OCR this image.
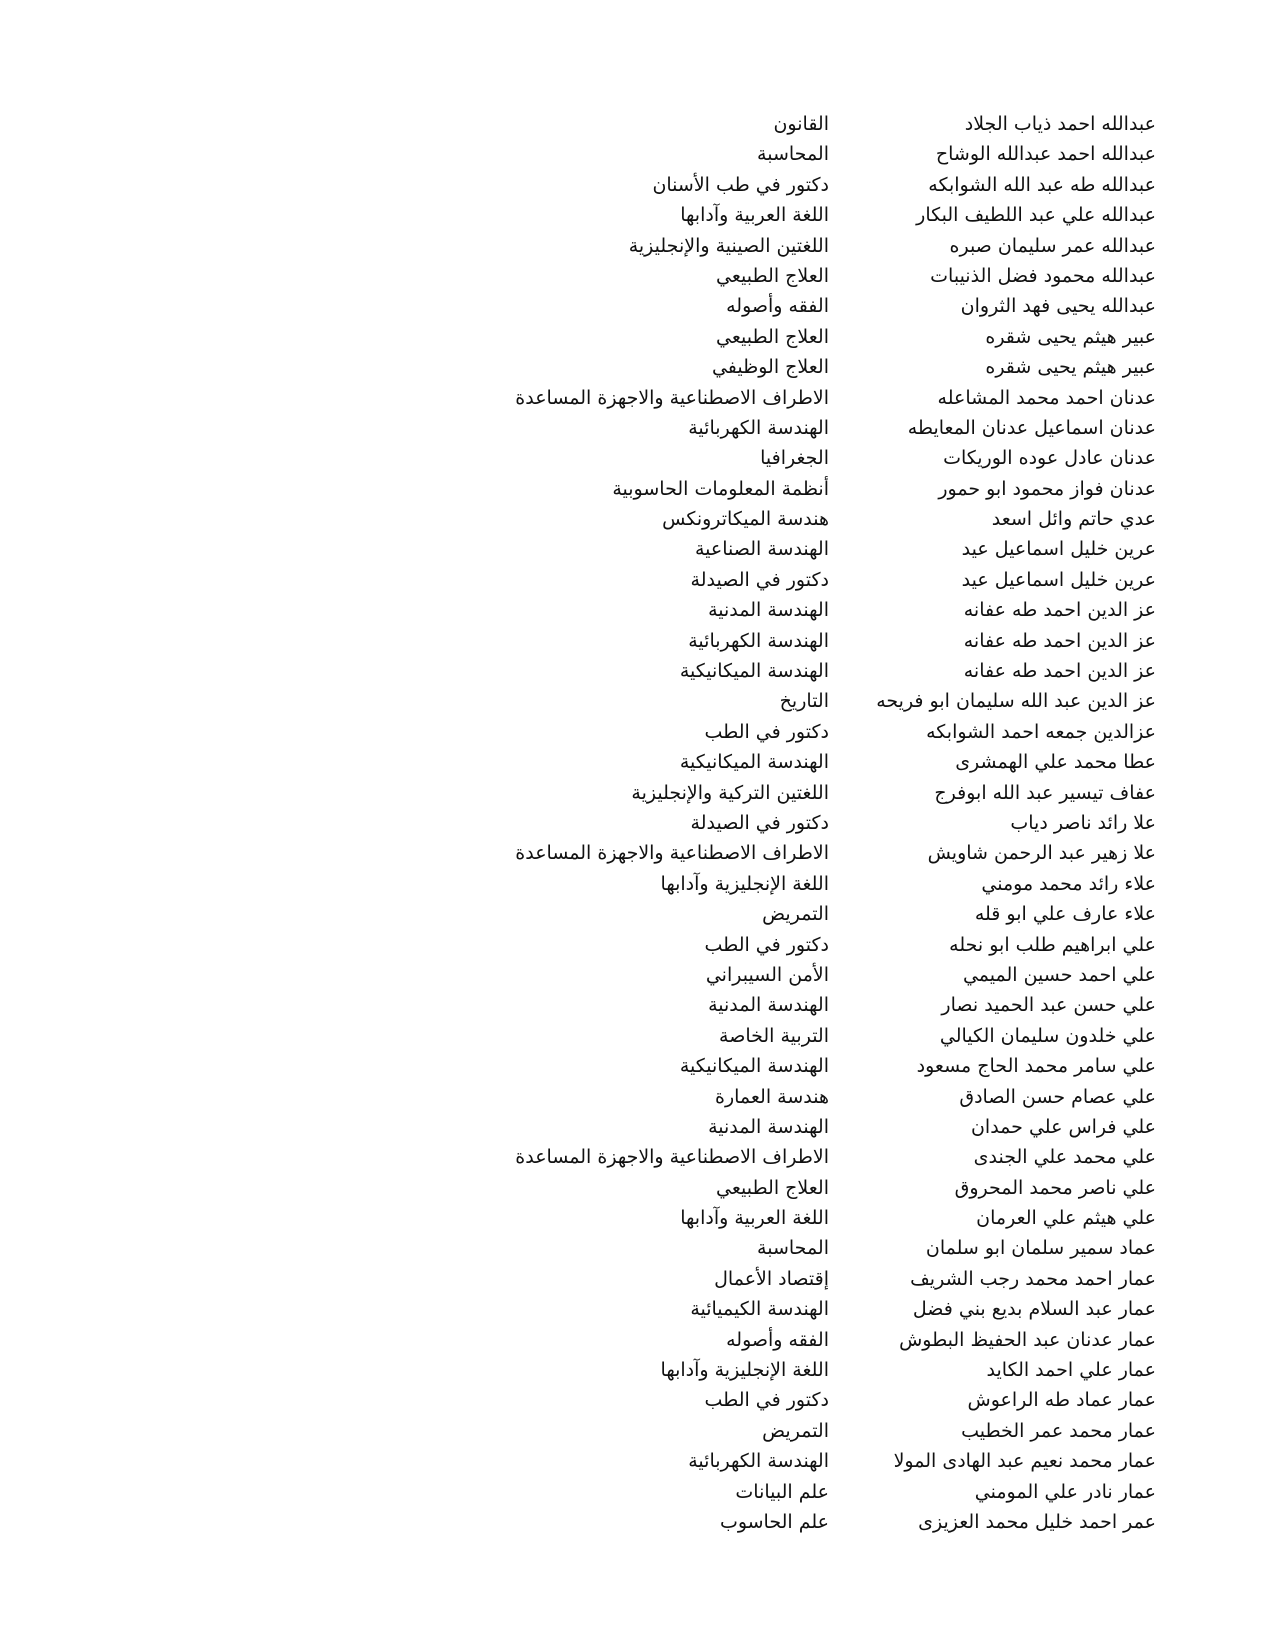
عبدالله احمد ذياب الجلاد
القانون
عبدالله احمد عبدالله الوشاح
المحاسبة
عبدالله طه عبد الله الشوابكه
دكتور في طب الأسنان
عبدالله علي عبد اللطيف البكار
اللغة العربية وآدابها
عبدالله عمر سليمان صبره
اللغتين الصينية والإنجليزية
عبدالله محمود فضل الذنيبات
العلاج الطبيعي
عبدالله يحيى فهد الثروان
الفقه وأصوله
عبير هيثم يحيى شقره
العلاج الطبيعي
عبير هيثم يحيى شقره
العلاج الوظيفي
عدنان احمد محمد المشاعله
الاطراف الاصطناعية والاجهزة المساعدة
عدنان اسماعيل عدنان المعايطه
الهندسة الكهربائية
عدنان عادل عوده الوريكات
الجغرافيا
عدنان فواز محمود ابو حمور
أنظمة المعلومات الحاسوبية
عدي حاتم وائل اسعد
هندسة الميكاترونكس
عرين خليل اسماعيل عيد
الهندسة الصناعية
عرين خليل اسماعيل عيد
دكتور في الصيدلة
عز الدين احمد طه عفانه
الهندسة المدنية
عز الدين احمد طه عفانه
الهندسة الكهربائية
عز الدين احمد طه عفانه
الهندسة الميكانيكية
عز الدين عبد الله سليمان ابو فريحه
التاريخ
عزالدين جمعه احمد الشوابكه
دكتور في الطب
عطا محمد علي الهمشرى
الهندسة الميكانيكية
عفاف تيسير عبد الله ابوفرج
اللغتين التركية والإنجليزية
علا رائد ناصر دياب
دكتور في الصيدلة
علا زهير عبد الرحمن شاويش
الاطراف الاصطناعية والاجهزة المساعدة
علاء رائد محمد مومني
اللغة الإنجليزية وآدابها
علاء عارف علي ابو قله
التمريض
علي ابراهيم طلب ابو نحله
دكتور في الطب
علي احمد حسين الميمي
الأمن السيبراني
علي حسن عبد الحميد نصار
الهندسة المدنية
علي خلدون سليمان الكيالي
التربية الخاصة
علي سامر محمد الحاج مسعود
الهندسة الميكانيكية
علي عصام حسن الصادق
هندسة العمارة
علي فراس علي حمدان
الهندسة المدنية
علي محمد علي الجندى
الاطراف الاصطناعية والاجهزة المساعدة
علي ناصر محمد المحروق
العلاج الطبيعي
علي هيثم علي العرمان
اللغة العربية وآدابها
عماد سمير سلمان ابو سلمان
المحاسبة
عمار احمد محمد رجب الشريف
إقتصاد الأعمال
عمار عبد السلام بديع بني فضل
الهندسة الكيميائية
عمار عدنان عبد الحفيظ البطوش
الفقه وأصوله
عمار علي احمد الكايد
اللغة الإنجليزية وآدابها
عمار عماد طه الراعوش
دكتور في الطب
عمار محمد عمر الخطيب
التمريض
عمار محمد نعيم عبد الهادى المولا
الهندسة الكهربائية
عمار نادر علي المومني
علم البيانات
عمر احمد خليل محمد العزيزى
علم الحاسوب
